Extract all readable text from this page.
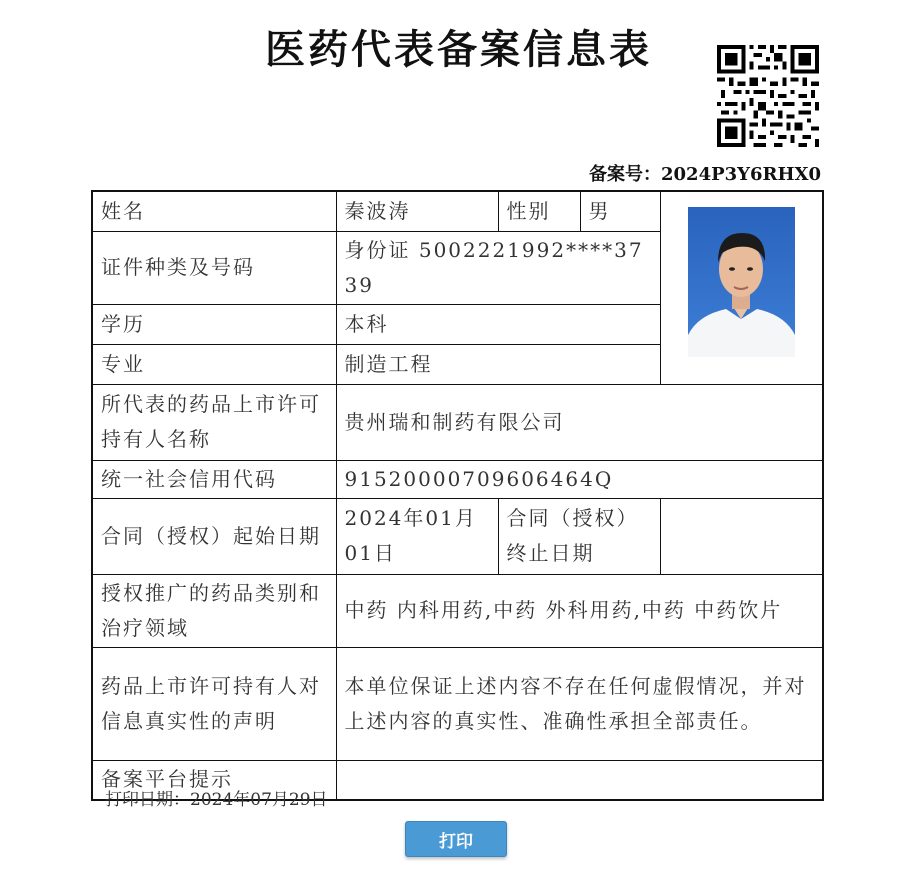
医药代表备案信息表
备案号：2024P3Y6RHX0
姓名	秦波涛	性别	男	
证件种类及号码	身份证 5002221992****3739			
学历	本科			
专业	制造工程			
所代表的药品上市许可持有人名称	贵州瑞和制药有限公司			
统一社会信用代码	91520000709606464Q			
合同（授权）起始日期	2024年01月01日	合同（授权）终止日期		
授权推广的药品类别和治疗领域	中药 内科用药,中药 外科用药,中药 中药饮片			
药品上市许可持有人对信息真实性的声明	本单位保证上述内容不存在任何虚假情况，并对上述内容的真实性、准确性承担全部责任。			
备案平台提示				
打印日期：2024年07月29日
打印
